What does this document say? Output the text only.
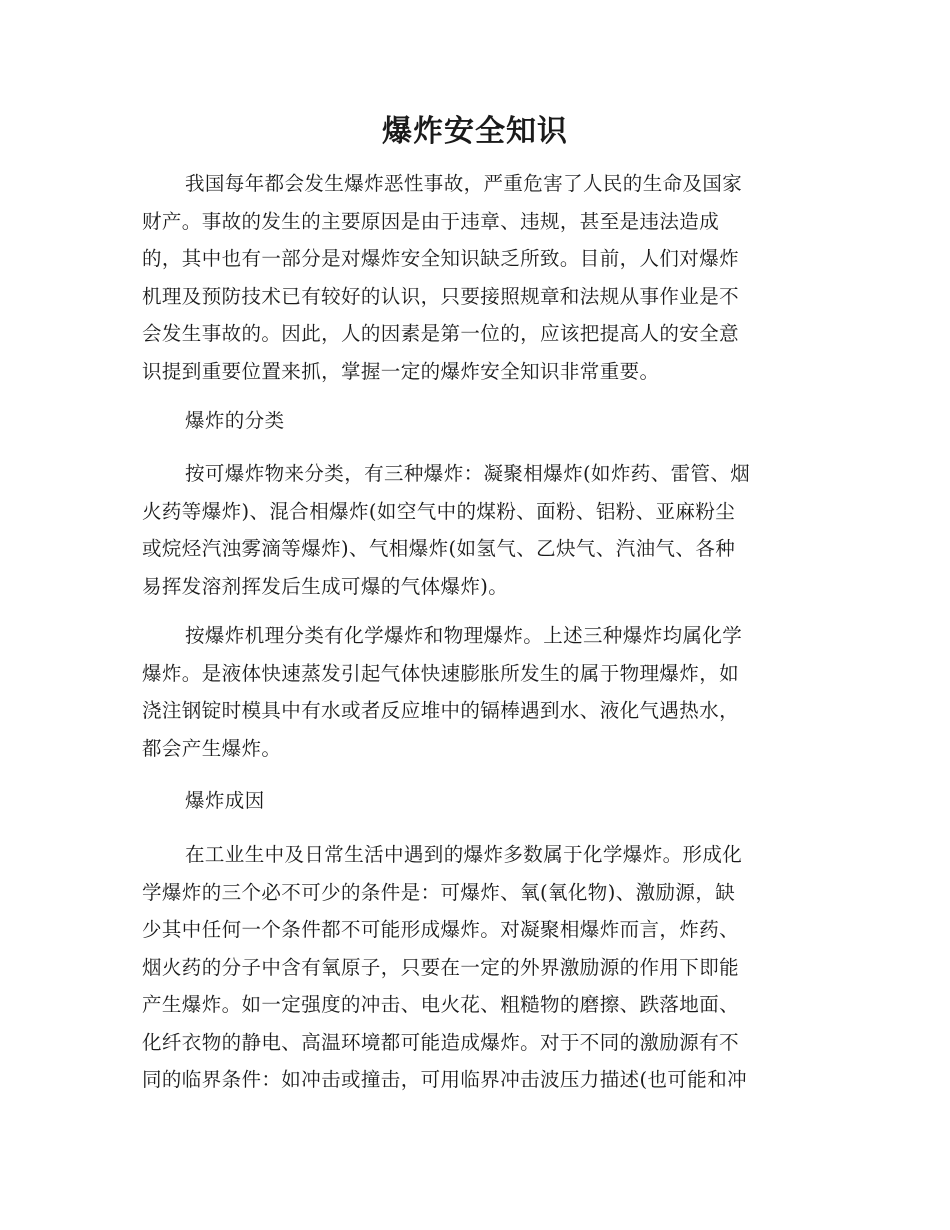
爆炸安全知识

我国每年都会发生爆炸恶性事故，严重危害了人民的生命及国家
财产。事故的发生的主要原因是由于违章、违规，甚至是违法造成
的，其中也有一部分是对爆炸安全知识缺乏所致。目前，人们对爆炸
机理及预防技术已有较好的认识，只要接照规章和法规从事作业是不
会发生事故的。因此，人的因素是第一位的，应该把提高人的安全意
识提到重要位置来抓，掌握一定的爆炸安全知识非常重要。

爆炸的分类

按可爆炸物来分类，有三种爆炸：凝聚相爆炸(如炸药、雷管、烟
火药等爆炸)、混合相爆炸(如空气中的煤粉、面粉、铝粉、亚麻粉尘
或烷烃汽浊雾滴等爆炸)、气相爆炸(如氢气、乙炔气、汽油气、各种
易挥发溶剂挥发后生成可爆的气体爆炸)。

按爆炸机理分类有化学爆炸和物理爆炸。上述三种爆炸均属化学
爆炸。是液体快速蒸发引起气体快速膨胀所发生的属于物理爆炸，如
浇注钢锭时模具中有水或者反应堆中的镉棒遇到水、液化气遇热水，
都会产生爆炸。

爆炸成因

在工业生中及日常生活中遇到的爆炸多数属于化学爆炸。形成化
学爆炸的三个必不可少的条件是：可爆炸、氧(氧化物)、激励源，缺
少其中任何一个条件都不可能形成爆炸。对凝聚相爆炸而言，炸药、
烟火药的分子中含有氧原子，只要在一定的外界激励源的作用下即能
产生爆炸。如一定强度的冲击、电火花、粗糙物的磨擦、跌落地面、
化纤衣物的静电、高温环境都可能造成爆炸。对于不同的激励源有不
同的临界条件：如冲击或撞击，可用临界冲击波压力描述(也可能和冲
